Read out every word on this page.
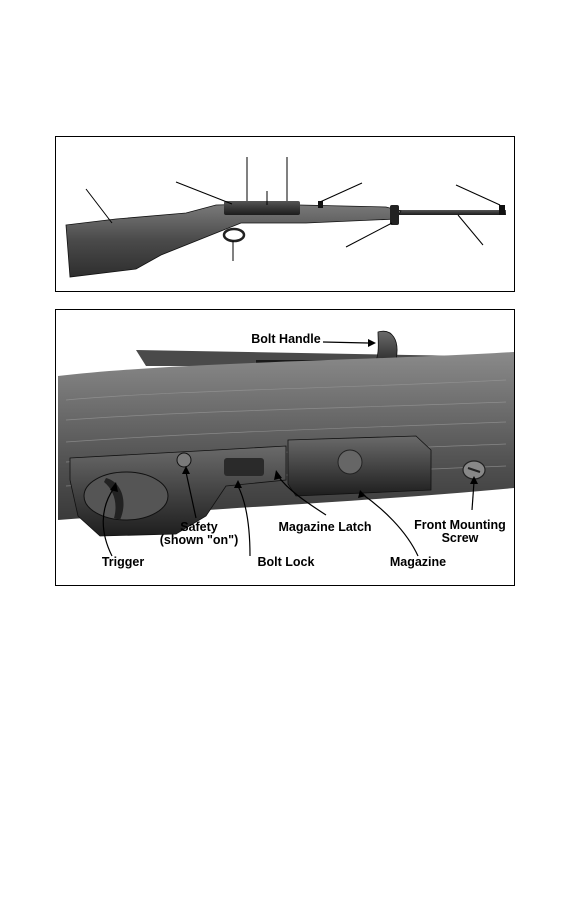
Bolt Handle
Safety
(shown "on")
Magazine Latch	Front Mounting
Screw
Trigger	Bolt Lock	Magazine
